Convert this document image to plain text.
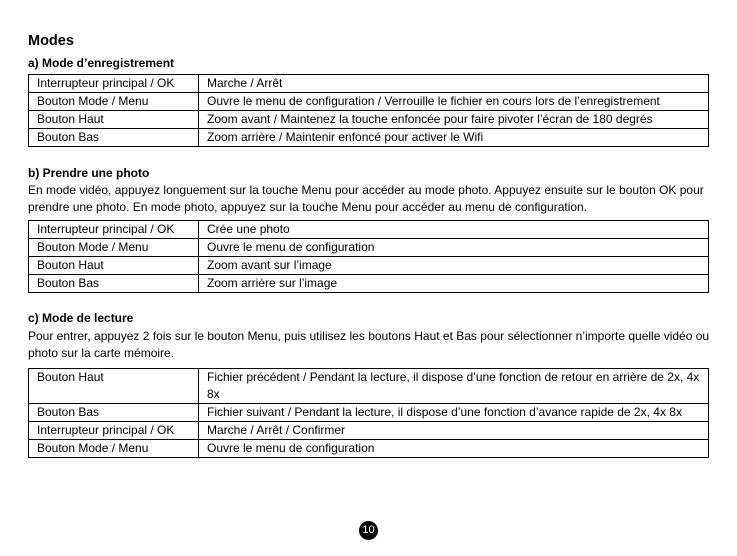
Modes
a) Mode d’enregistrement
Interrupteur principal / OK	Marche / Arrêt
Bouton Mode / Menu	Ouvre le menu de configuration / Verrouille le fichier en cours lors de l’enregistrement
Bouton Haut	Zoom avant / Maintenez la touche enfoncée pour faire pivoter l’écran de 180 degrés
Bouton Bas	Zoom arrière / Maintenir enfoncé pour activer le Wifi
b) Prendre une photo

En mode vidéo, appuyez longuement sur la touche Menu pour accéder au mode photo. Appuyez ensuite sur le bouton OK pour prendre une photo. En mode photo, appuyez sur la touche Menu pour accéder au menu de configuration.

Interrupteur principal / OK	Crée une photo
Bouton Mode / Menu	Ouvre le menu de configuration
Bouton Haut	Zoom avant sur l’image
Bouton Bas	Zoom arrière sur l’image
c) Mode de lecture

Pour entrer, appuyez 2 fois sur le bouton Menu, puis utilisez les boutons Haut et Bas pour sélectionner n’importe quelle vidéo ou photo sur la carte mémoire.

Bouton Haut	Fichier précédent / Pendant la lecture, il dispose d’une fonction de retour en arrière de 2x, 4x 8x
Bouton Bas	Fichier suivant / Pendant la lecture, il dispose d’une fonction d’avance rapide de 2x, 4x 8x
Interrupteur principal / OK	Marche / Arrêt / Confirmer
Bouton Mode / Menu	Ouvre le menu de configuration
10
